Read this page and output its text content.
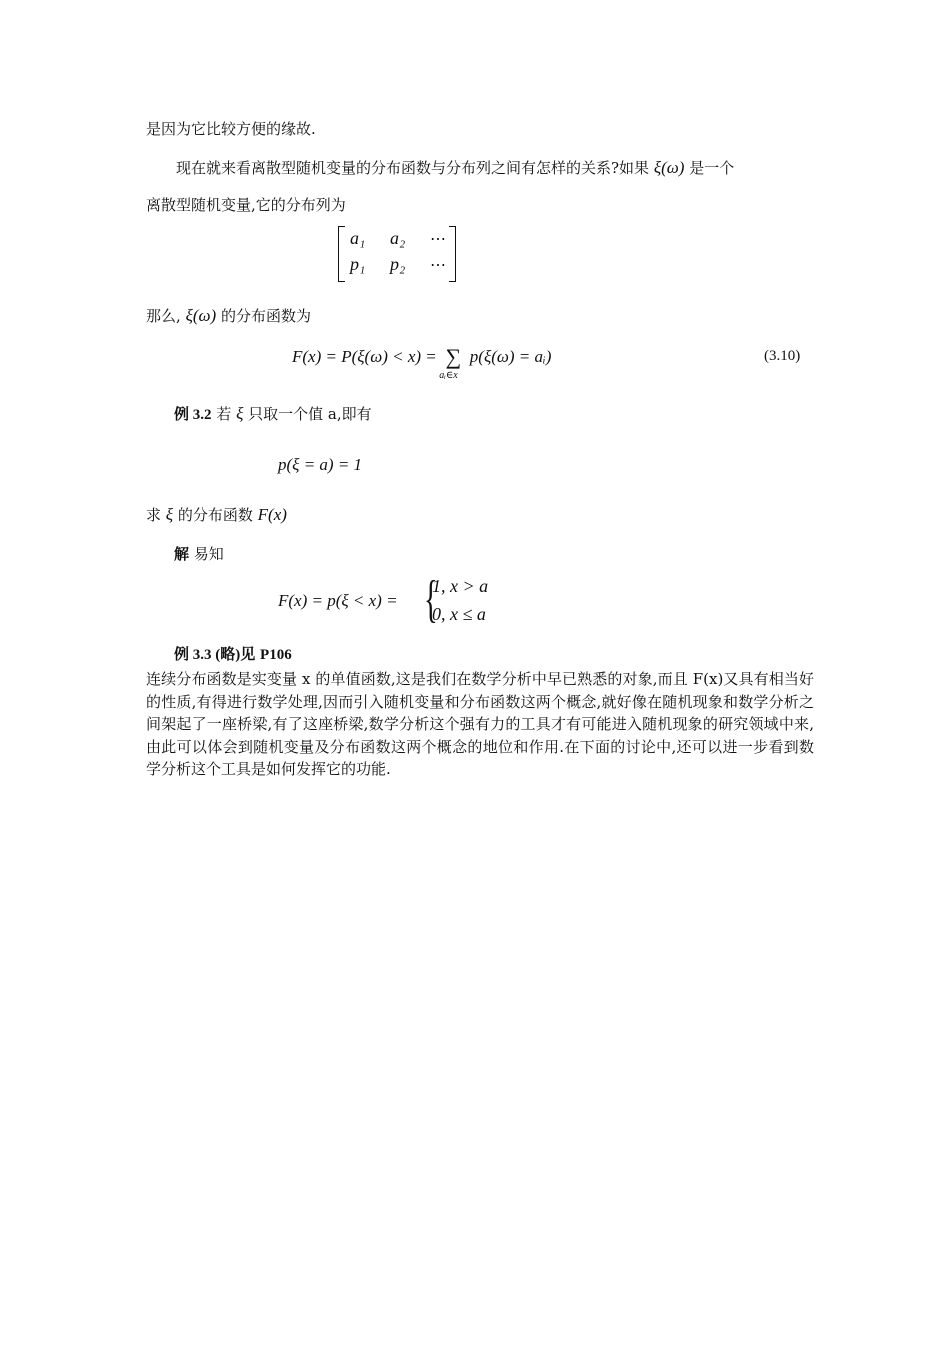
是因为它比较方便的缘故.
现在就来看离散型随机变量的分布函数与分布列之间有怎样的关系?如果 ξ(ω) 是一个
离散型随机变量,它的分布列为
a₁ a₂ ⋯
p₁ p₂ ⋯
那么, ξ(ω) 的分布函数为
F(x) = P(ξ(ω) < x) = ∑
aᵢ∈x
p(ξ(ω) = aᵢ)	(3.10)
例 3.2 若 ξ 只取一个值 a,即有
p(ξ = a) = 1
求 ξ 的分布函数 F(x)
解 易知
F(x) = p(ξ < x) = {
1, x > a
0, x ≤ a
例 3.3 (略)见 P106
连续分布函数是实变量 x 的单值函数,这是我们在数学分析中早已熟悉的对象,而且 F(x)又具有相当好的性质,有得进行数学处理,因而引入随机变量和分布函数这两个概念,就好像在随机现象和数学分析之间架起了一座桥梁,有了这座桥梁,数学分析这个强有力的工具才有可能进入随机现象的研究领域中来,由此可以体会到随机变量及分布函数这两个概念的地位和作用.在下面的讨论中,还可以进一步看到数学分析这个工具是如何发挥它的功能.
